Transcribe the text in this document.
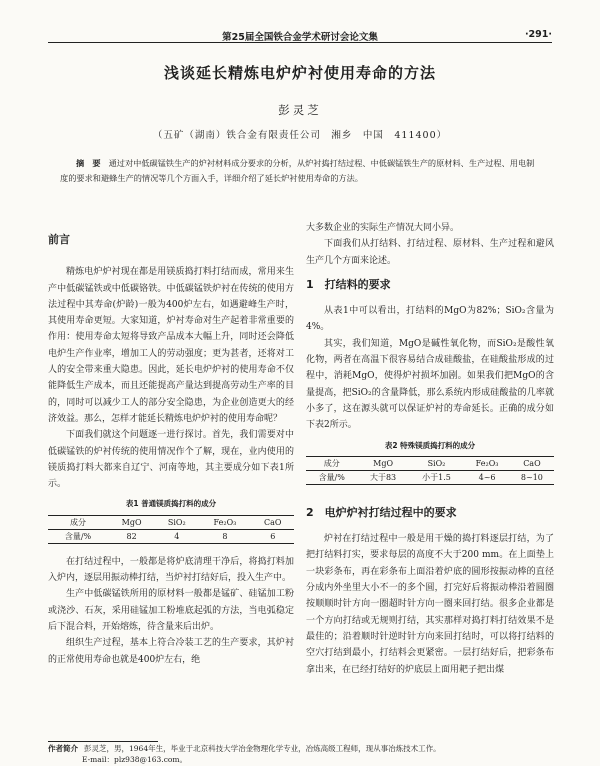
第25届全国铁合金学术研讨会论文集	·291·
浅谈延长精炼电炉炉衬使用寿命的方法
彭灵芝
（五矿（湖南）铁合金有限责任公司　湘乡　中国　411400）
摘　要 通过对中低碳锰铁生产的炉衬材料成分要求的分析，从炉衬捣打结过程、中低碳锰铁生产的原材料、生产过程、用电制度的要求和避蜂生产的情况等几个方面入手，详细介绍了延长炉衬使用寿命的方法。
前言

精炼电炉炉衬现在都是用镁质捣打料打结而成，常用来生产中低碳锰铁或中低碳铬铁。中低碳锰铁炉衬在传统的使用方法过程中其寿命(炉龄)一般为400炉左右，如遇避峰生产时，其使用寿命更短。大家知道，炉衬寿命对生产起着非常重要的作用：使用寿命太短将导致产品成本大幅上升，同时还会降低电炉生产作业率，增加工人的劳动强度；更为甚者，还将对工人的安全带来重大隐患。因此，延长电炉炉衬的使用寿命不仅能降低生产成本，而且还能提高产量达到提高劳动生产率的目的，同时可以减少工人的部分安全隐患，为企业创造更大的经济效益。那么，怎样才能延长精炼电炉炉衬的使用寿命呢？

下面我们就这个问题逐一进行探讨。首先，我们需要对中低碳锰铁的炉衬传统的使用情况作个了解，现在，业内使用的镁质捣打料大都来自辽宁、河南等地，其主要成分如下表1所示。

表1 普通镁质捣打料的成分
成分	MgO	SiO₂	Fe₂O₃	CaO
含量/%	82	4	8	6

在打结过程中，一般都是将炉底清理干净后，将捣打料加入炉内，逐层用振动棒打结，当炉衬打结好后，投入生产中。

生产中低碳锰铁所用的原材料一般都是锰矿、硅锰加工粉或浇沙、石灰，采用硅锰加工粉堆底起弧的方法，当电弧稳定后下混合料，开始熔炼，待含量来后出炉。

组织生产过程，基本上符合冷装工艺的生产要求，其炉衬的正常使用寿命也就是400炉左右，绝

大多数企业的实际生产情况大同小异。

下面我们从打结料、打结过程、原材料、生产过程和避风生产几个方面来论述。

1　打结料的要求

从表1中可以看出，打结料的MgO为82%；SiO₂含量为4%。

其实，我们知道，MgO是碱性氧化物，而SiO₂是酸性氧化物，两者在高温下很容易结合成硅酸盐，在硅酸盐形成的过程中，消耗MgO，使得炉衬损坏加剧。如果我们把MgO的含量提高，把SiO₂的含量降低，那么系统内形成硅酸盐的几率就小多了，这在源头就可以保证炉衬的寿命延长。正确的成分如下表2所示。

表2 特殊镁质捣打料的成分
成分	MgO	SiO₂	Fe₂O₃	CaO
含量/%	大于83	小于1.5	4~6	8~10
2　电炉炉衬打结过程中的要求

炉衬在打结过程中一般是用干燥的捣打料逐层打结，为了把打结料打实，要求每层的高度不大于200 mm。在上面垫上一块彩条布，再在彩条布上面沿着炉底的圆形按振动棒的直径分成内外坐里大小不一的多个圆，打完好后将振动棒沿着圆圈按顺顺时针方向一圈超时针方向一圈来回打结。很多企业都是一个方向打结或无规则打结，其实那样对捣打料打结效果不是最佳的；沿着顺时针逆时针方向来回打结时，可以将打结料的空穴打结到最小，打结料会更紧密。一层打结好后，把彩条布拿出来，在已经打结好的炉底层上面用耙子把出煤

作者简介 彭灵芝，男，1964年生，毕业于北京科技大学冶金物理化学专业，冶炼高级工程师，现从事冶炼技术工作。
E-mail：plz938@163.com。
